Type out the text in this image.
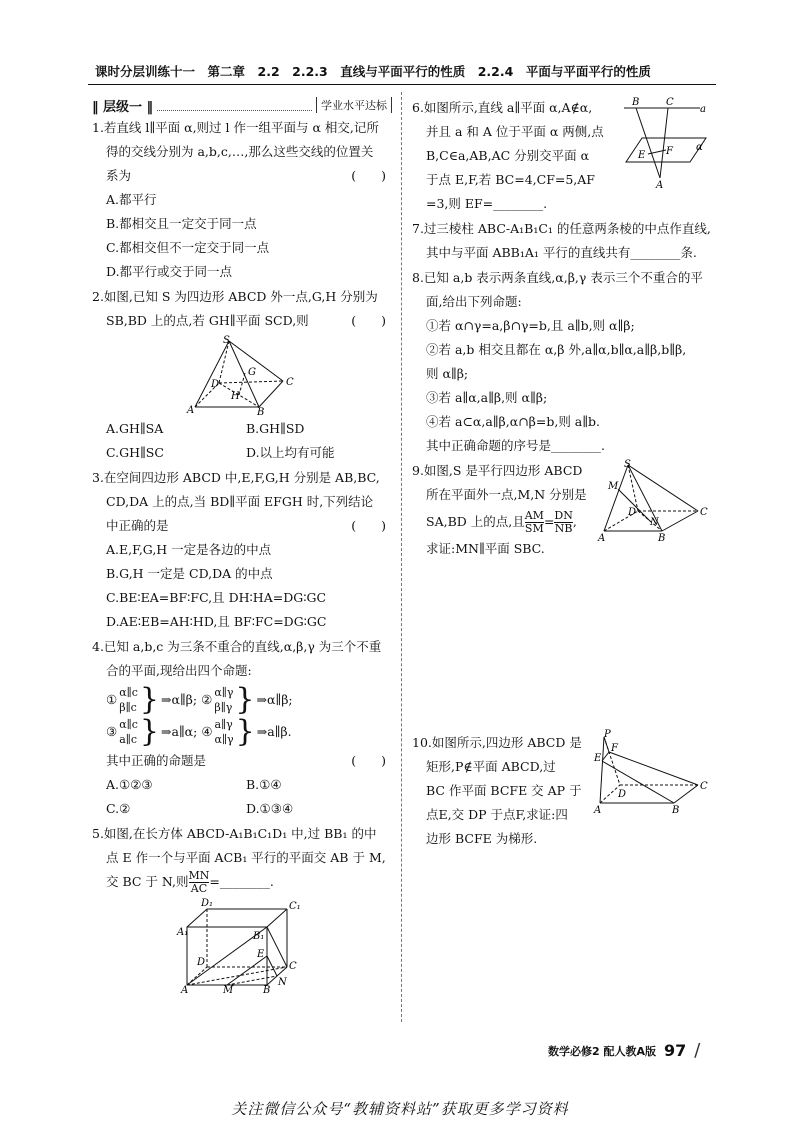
课时分层训练十一　第二章　2.2　2.2.3　直线与平面平行的性质　2.2.4　平面与平面平行的性质
‖ 层级一 ‖	学业水平达标

1.若直线 l∥平面 α,则过 l 作一组平面与 α 相交,记所

得的交线分别为 a,b,c,…,那么这些交线的位置关

系为	(　　)

A.都平行

B.都相交且一定交于同一点

C.都相交但不一定交于同一点

D.都平行或交于同一点

2.如图,已知 S 为四边形 ABCD 外一点,G,H 分别为

SB,BD 上的点,若 GH∥平面 SCD,则	(　　)

S
G
C
D
H
A	B
A.GH∥SA	B.GH∥SD
C.GH∥SC	D.以上均有可能

3.在空间四边形 ABCD 中,E,F,G,H 分别是 AB,BC,

CD,DA 上的点,当 BD∥平面 EFGH 时,下列结论

中正确的是	(　　)

A.E,F,G,H 一定是各边的中点

B.G,H 一定是 CD,DA 的中点

C.BE∶EA=BF∶FC,且 DH∶HA=DG∶GC

D.AE∶EB=AH∶HD,且 BF∶FC=DG∶GC

4.已知 a,b,c 为三条不重合的直线,α,β,γ 为三个不重

合的平面,现给出四个命题:

① α∥c
β∥c } ⇒α∥β;
② α∥γ
β∥γ } ⇒α∥β;
③ α∥c
a∥c } ⇒a∥α;
④ a∥γ
α∥γ } ⇒a∥β.

其中正确的命题是	(　　)

A.①②③	B.①④
C.②	D.①③④

5.如图,在长方体 ABCD-A₁B₁C₁D₁ 中,过 BB₁ 的中

点 E 作一个与平面 ACB₁ 平行的平面交 AB 于 M,

交 BC 于 N,则 $\frac{MN}{AC}$ =________.

D₁	C₁
A₁	B₁
D
E
C
N
A	M	B

6.如图所示,直线 a∥平面 α,A∉α,

并且 a 和 A 位于平面 α 两侧,点

B,C∈a,AB,AC 分别交平面 α

于点 E,F,若 BC=4,CF=5,AF

=3,则 EF=________.

B	C
a
α
E F
A

7.过三棱柱 ABC-A₁B₁C₁ 的任意两条棱的中点作直线,

其中与平面 ABB₁A₁ 平行的直线共有________条.

8.已知 a,b 表示两条直线,α,β,γ 表示三个不重合的平

面,给出下列命题:

①若 α∩γ=a,β∩γ=b,且 a∥b,则 α∥β;

②若 a,b 相交且都在 α,β 外,a∥α,b∥α,a∥β,b∥β,

则 α∥β;

③若 a∥α,a∥β,则 α∥β;

④若 a⊂α,a∥β,α∩β=b,则 a∥b.

其中正确命题的序号是________.

9.如图,S 是平行四边形 ABCD

所在平面外一点,M,N 分别是

SA,BD 上的点,且 $\frac{AM}{SM} = \frac{DN}{NB}$ ,

求证:MN∥平面 SBC.

S
M
D
N
C
A	B

10.如图所示,四边形 ABCD 是

矩形,P∉平面 ABCD,过

BC 作平面 BCFE 交 AP 于

点E,交 DP 于点F,求证:四

边形 BCFE 为梯形.

P
F
E
D
C
A	B
数学必修2 配人教A版 97 /
关注微信公众号“教辅资料站”获取更多学习资料
